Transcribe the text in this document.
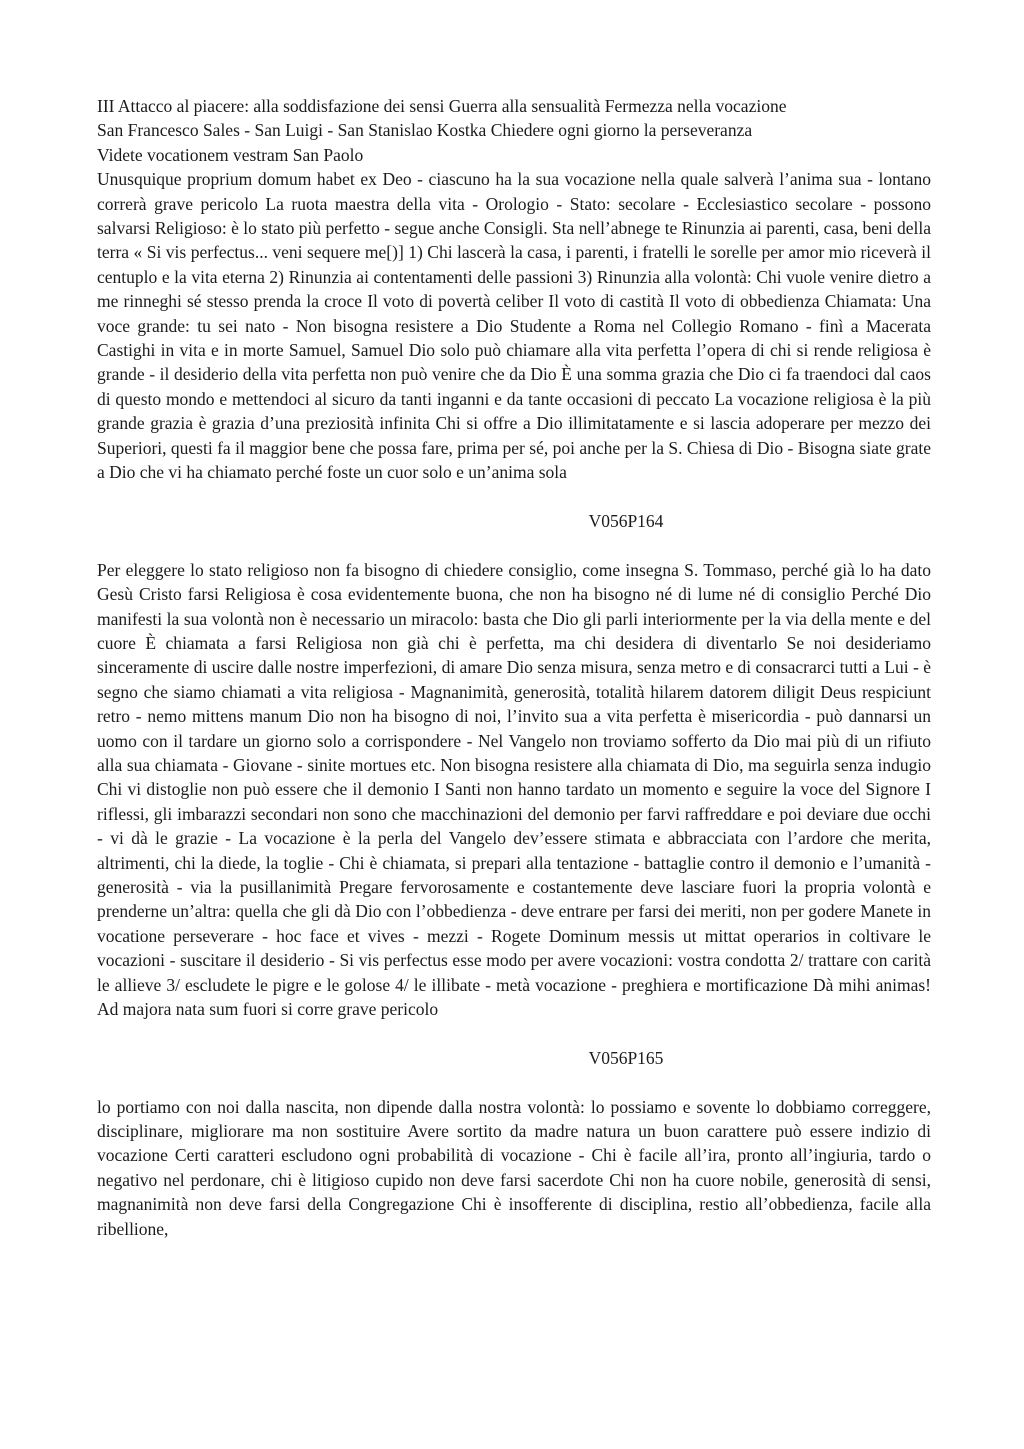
III Attacco al piacere: alla soddisfazione dei sensi Guerra alla sensualità Fermezza nella vocazione
San Francesco Sales - San Luigi - San Stanislao Kostka Chiedere ogni giorno la perseveranza
Videte vocationem vestram San Paolo

Unusquique proprium domum habet ex Deo - ciascuno ha la sua vocazione nella quale salverà l’anima sua - lontano correrà grave pericolo La ruota maestra della vita - Orologio - Stato: secolare - Ecclesiastico secolare - possono salvarsi Religioso: è lo stato più perfetto - segue anche Consigli. Sta nell’abnege te Rinunzia ai parenti, casa, beni della terra « Si vis perfectus... veni sequere me[)] 1) Chi lascerà la casa, i parenti, i fratelli le sorelle per amor mio riceverà il centuplo e la vita eterna 2) Rinunzia ai contentamenti delle passioni 3) Rinunzia alla volontà: Chi vuole venire dietro a me rinneghi sé stesso prenda la croce Il voto di povertà celiber Il voto di castità Il voto di obbedienza Chiamata: Una voce grande: tu sei nato - Non bisogna resistere a Dio Studente a Roma nel Collegio Romano - finì a Macerata Castighi in vita e in morte Samuel, Samuel Dio solo può chiamare alla vita perfetta l’opera di chi si rende religiosa è grande - il desiderio della vita perfetta non può venire che da Dio È una somma grazia che Dio ci fa traendoci dal caos di questo mondo e mettendoci al sicuro da tanti inganni e da tante occasioni di peccato La vocazione religiosa è la più grande grazia è grazia d’una preziosità infinita Chi si offre a Dio illimitatamente e si lascia adoperare per mezzo dei Superiori, questi fa il maggior bene che possa fare, prima per sé, poi anche per la S. Chiesa di Dio - Bisogna siate grate a Dio che vi ha chiamato perché foste un cuor solo e un’anima sola

V056P164

Per eleggere lo stato religioso non fa bisogno di chiedere consiglio, come insegna S. Tommaso, perché già lo ha dato Gesù Cristo farsi Religiosa è cosa evidentemente buona, che non ha bisogno né di lume né di consiglio Perché Dio manifesti la sua volontà non è necessario un miracolo: basta che Dio gli parli interiormente per la via della mente e del cuore È chiamata a farsi Religiosa non già chi è perfetta, ma chi desidera di diventarlo Se noi desideriamo sinceramente di uscire dalle nostre imperfezioni, di amare Dio senza misura, senza metro e di consacrarci tutti a Lui - è segno che siamo chiamati a vita religiosa - Magnanimità, generosità, totalità hilarem datorem diligit Deus respiciunt retro - nemo mittens manum Dio non ha bisogno di noi, l’invito sua a vita perfetta è misericordia - può dannarsi un uomo con il tardare un giorno solo a corrispondere - Nel Vangelo non troviamo sofferto da Dio mai più di un rifiuto alla sua chiamata - Giovane - sinite mortues etc. Non bisogna resistere alla chiamata di Dio, ma seguirla senza indugio Chi vi distoglie non può essere che il demonio I Santi non hanno tardato un momento e seguire la voce del Signore I riflessi, gli imbarazzi secondari non sono che macchinazioni del demonio per farvi raffreddare e poi deviare due occhi - vi dà le grazie - La vocazione è la perla del Vangelo dev’essere stimata e abbracciata con l’ardore che merita, altrimenti, chi la diede, la toglie - Chi è chiamata, si prepari alla tentazione - battaglie contro il demonio e l’umanità - generosità - via la pusillanimità Pregare fervorosamente e costantemente deve lasciare fuori la propria volontà e prenderne un’altra: quella che gli dà Dio con l’obbedienza - deve entrare per farsi dei meriti, non per godere Manete in vocatione perseverare - hoc face et vives - mezzi - Rogete Dominum messis ut mittat operarios in coltivare le vocazioni - suscitare il desiderio - Si vis perfectus esse modo per avere vocazioni: vostra condotta 2/ trattare con carità le allieve 3/ escludete le pigre e le golose 4/ le illibate - metà vocazione - preghiera e mortificazione Dà mihi animas! Ad majora nata sum fuori si corre grave pericolo

V056P165

lo portiamo con noi dalla nascita, non dipende dalla nostra volontà: lo possiamo e sovente lo dobbiamo correggere, disciplinare, migliorare ma non sostituire Avere sortito da madre natura un buon carattere può essere indizio di vocazione Certi caratteri escludono ogni probabilità di vocazione - Chi è facile all’ira, pronto all’ingiuria, tardo o negativo nel perdonare, chi è litigioso cupido non deve farsi sacerdote Chi non ha cuore nobile, generosità di sensi, magnanimità non deve farsi della Congregazione Chi è insofferente di disciplina, restio all’obbedienza, facile alla ribellione,
